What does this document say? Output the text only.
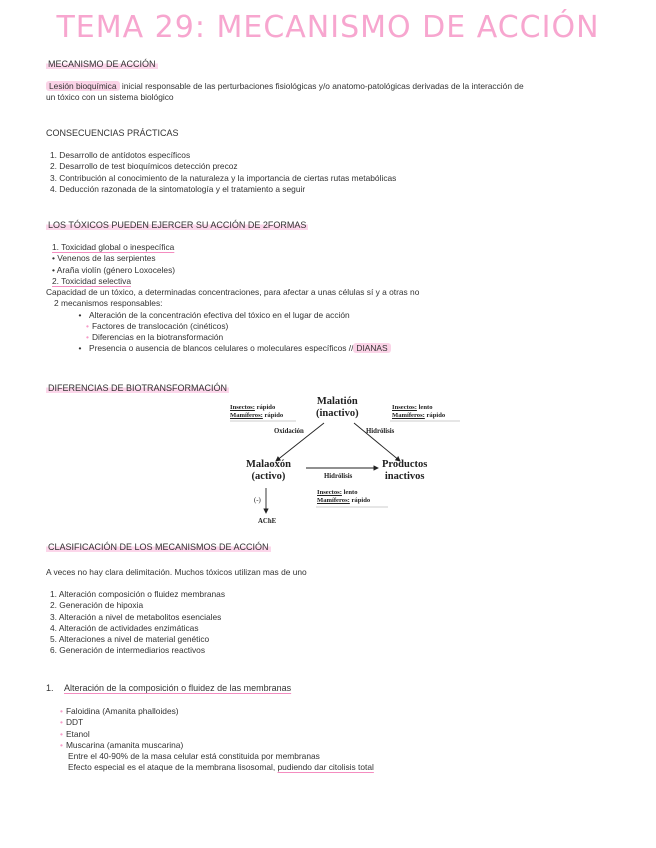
TEMA 29: MECANISMO DE ACCIÓN
MECANISMO DE ACCIÓN
Lesión bioquímica inicial responsable de las perturbaciones fisiológicas y/o anatomo-patológicas derivadas de la interacción de
un tóxico con un sistema biológico
CONSECUENCIAS PRÁCTICAS
1. Desarrollo de antídotos específicos
2. Desarrollo de test bioquímicos detección precoz
3. Contribución al conocimiento de la naturaleza y la importancia de ciertas rutas metabólicas
4. Deducción razonada de la sintomatología y el tratamiento a seguir
LOS TÓXICOS PUEDEN EJERCER SU ACCIÓN DE 2FORMAS
1. Toxicidad global o inespecífica
• Venenos de las serpientes
• Araña violín (género Loxoceles)
2. Toxicidad selectiva
Capacidad de un tóxico, a determinadas concentraciones, para afectar a unas células sí y a otras no
2 mecanismos responsables:
• Alteración de la concentración efectiva del tóxico en el lugar de acción
• Factores de translocación (cinéticos)
• Diferencias en la biotransformación
• Presencia o ausencia de blancos celulares o moleculares específicos // DIANAS
DIFERENCIAS DE BIOTRANSFORMACIÓN
Malatión
(inactivo)
Insectos: rápido
Mamíferos: rápido
Insectos: lento
Mamíferos: rápido
Oxidación	Hidrólisis
Malaoxón
(activo)	Hidrólisis
Productos
inactivos
Insectos: lento
Mamíferos: rápido
(-)
AChE
CLASIFICACIÓN DE LOS MECANISMOS DE ACCIÓN
A veces no hay clara delimitación. Muchos tóxicos utilizan mas de uno
1. Alteración composición o fluidez membranas
2. Generación de hipoxia
3. Alteración a nivel de metabolitos esenciales
4. Alteración de actividades enzimáticas
5. Alteraciones a nivel de material genético
6. Generación de intermediarios reactivos
1. Alteración de la composición o fluidez de las membranas
• Faloidina (Amanita phalloides)
• DDT
• Etanol
• Muscarina (amanita muscarina)
Entre el 40-90% de la masa celular está constituida por membranas
Efecto especial es el ataque de la membrana lisosomal, pudiendo dar citolisis total
